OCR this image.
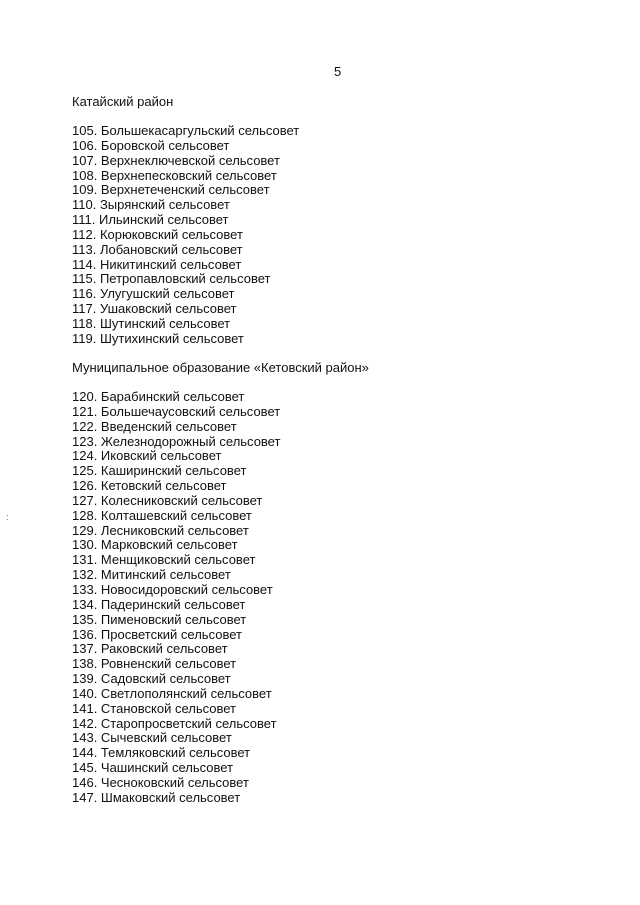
5
:
Катайский район
105. Большекасаргульский сельсовет
106. Боровской сельсовет
107. Верхнеключевской сельсовет
108. Верхнепесковский сельсовет
109. Верхнетеченский сельсовет
110. Зырянский сельсовет
111. Ильинский сельсовет
112. Корюковский сельсовет
113. Лобановский сельсовет
114. Никитинский сельсовет
115. Петропавловский сельсовет
116. Улугушский сельсовет
117. Ушаковский сельсовет
118. Шутинский сельсовет
119. Шутихинский сельсовет
Муниципальное образование «Кетовский район»
120. Барабинский сельсовет
121. Большечаусовский сельсовет
122. Введенский сельсовет
123. Железнодорожный сельсовет
124. Иковский сельсовет
125. Каширинский сельсовет
126. Кетовский сельсовет
127. Колесниковский сельсовет
128. Колташевский сельсовет
129. Лесниковский сельсовет
130. Марковский сельсовет
131. Менщиковский сельсовет
132. Митинский сельсовет
133. Новосидоровский сельсовет
134. Падеринский сельсовет
135. Пименовский сельсовет
136. Просветский сельсовет
137. Раковский сельсовет
138. Ровненский сельсовет
139. Садовский сельсовет
140. Светлополянский сельсовет
141. Становской сельсовет
142. Старопросветский сельсовет
143. Сычевский сельсовет
144. Темляковский сельсовет
145. Чашинский сельсовет
146. Чесноковский сельсовет
147. Шмаковский сельсовет
